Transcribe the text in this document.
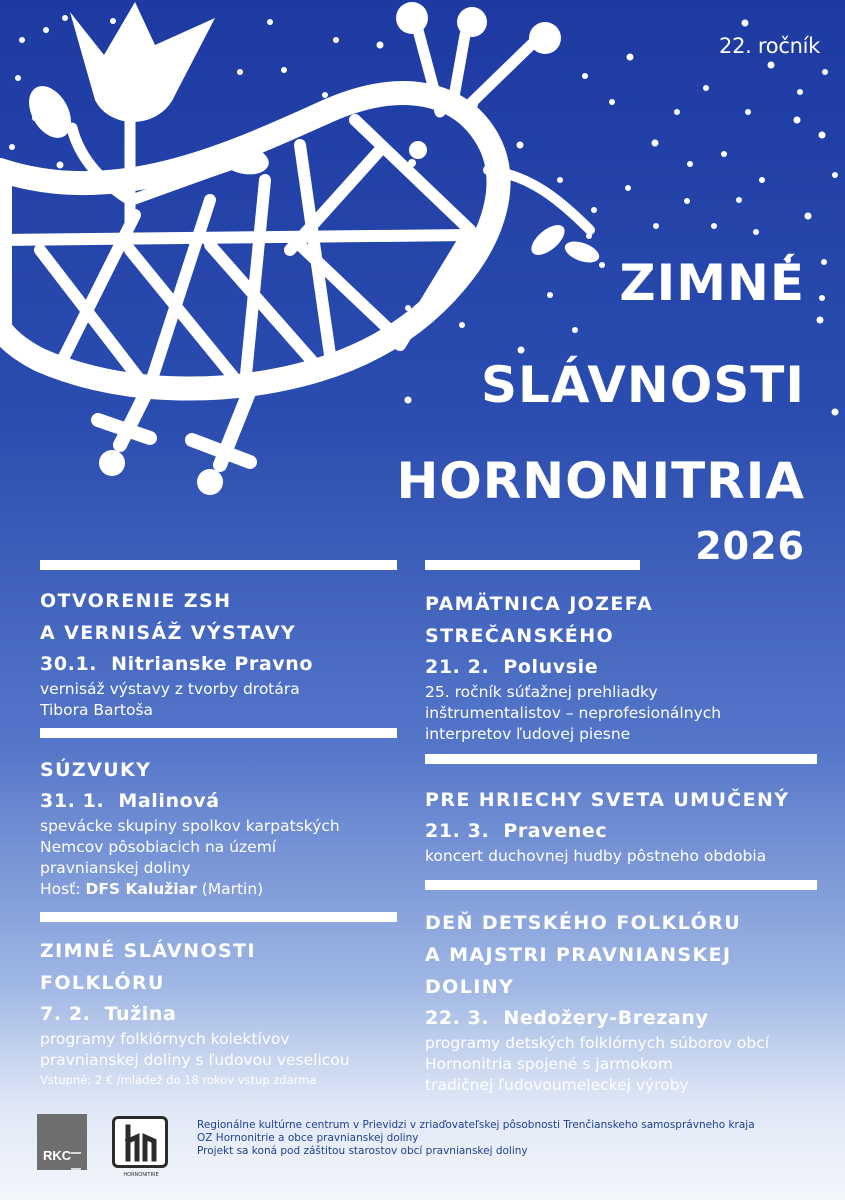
22. ročník
ZIMNÉ
SLÁVNOSTI
HORNONITRIA
2026
OTVORENIE ZSH
A VERNISÁŽ VÝSTAVY
30.1. Nitrianske Pravno
vernisáž výstavy z tvorby drotára
Tibora Bartoša
SÚZVUKY
31. 1. Malinová
spevácke skupiny spolkov karpatských
Nemcov pôsobiacich na území
pravnianskej doliny
Hosť: DFS Kalužiar (Martin)
ZIMNÉ SLÁVNOSTI
FOLKLÓRU
7. 2. Tužina
programy folklórnych kolektívov
pravnianskej doliny s ľudovou veselicou
Vstupné: 2 € /mládež do 18 rokov vstup zdarma
PAMÄTNICA JOZEFA
STREČANSKÉHO
21. 2. Poluvsie
25. ročník súťažnej prehliadky
inštrumentalistov – neprofesionálnych
interpretov ľudovej piesne
PRE HRIECHY SVETA UMUČENÝ
21. 3. Pravenec
koncert duchovnej hudby pôstneho obdobia
DEŇ DETSKÉHO FOLKLÓRU
A MAJSTRI PRAVNIANSKEJ
DOLINY
22. 3. Nedožery-Brezany
programy detských folklórnych súborov obcí
Hornonitria spojené s jarmokom
tradičnej ľudovoumeleckej výroby
RKC
HORNONITRIE
Regionálne kultúrne centrum v Prievidzi v zriaďovateľskej pôsobnosti Trenčianskeho samosprávneho kraja
OZ Hornonitrie a obce pravnianskej doliny
Projekt sa koná pod záštitou starostov obcí pravnianskej doliny
